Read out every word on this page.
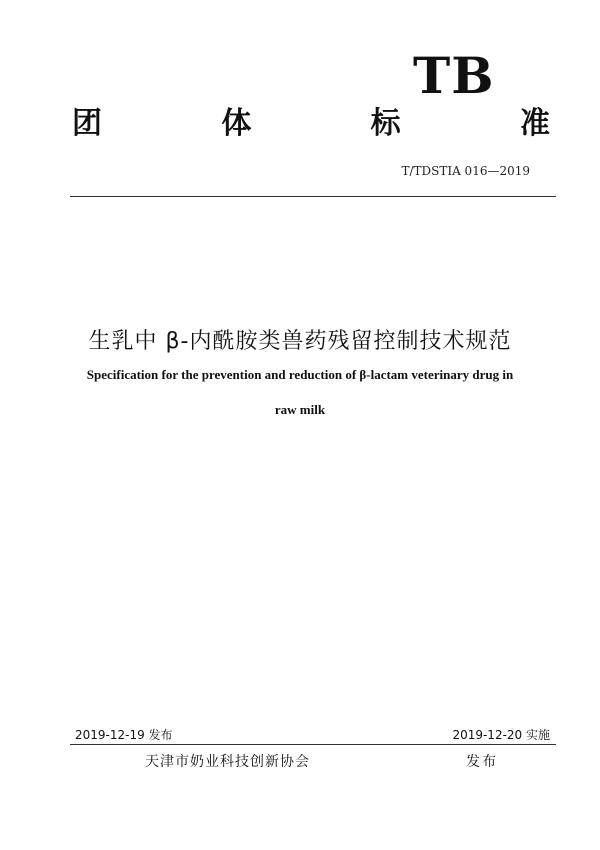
TB
团	体	标	准
T/TDSTIA 016—2019
生乳中 β-内酰胺类兽药残留控制技术规范
Specification for the prevention and reduction of β-lactam veterinary drug in
raw milk
2019-12-19 发布	2019-12-20 实施
天津市奶业科技创新协会	发布
